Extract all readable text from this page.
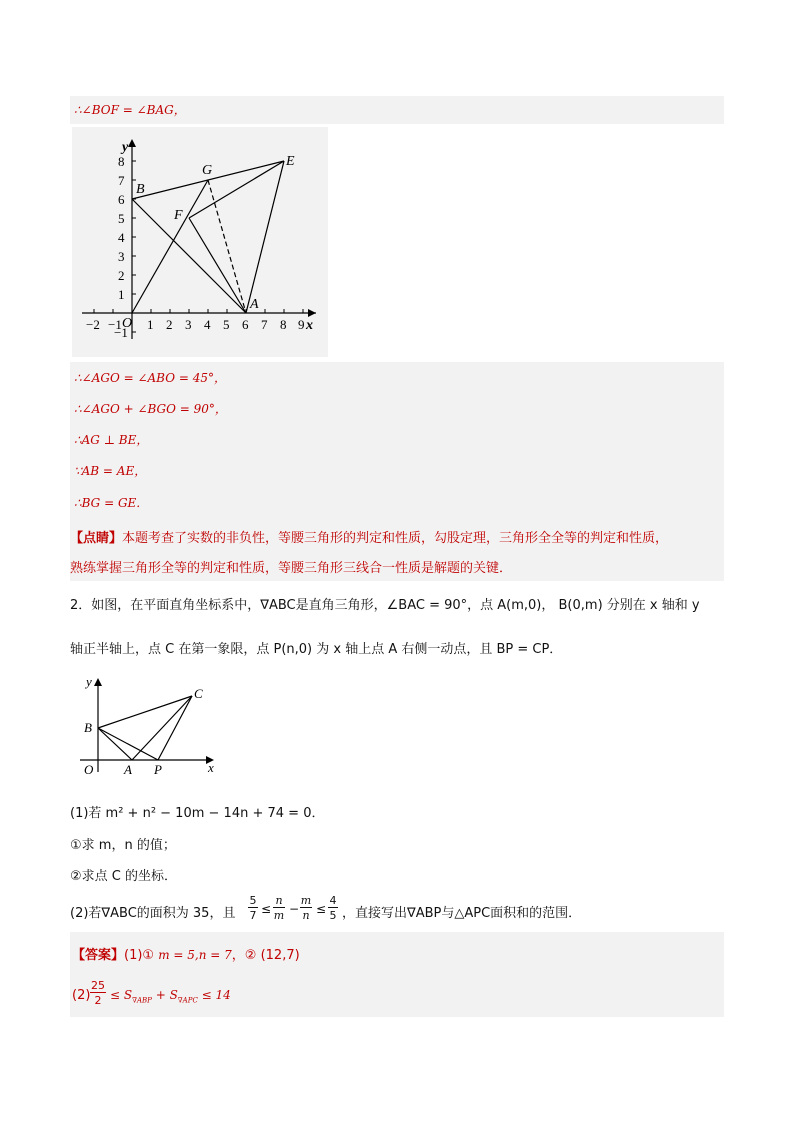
∴∠BOF = ∠BAG，
8
7
6
5
4
3
2
1
−1
−2 −1 O 1 2 3 4 5 6 7 8 9 x
y
B
G
E
F
A
∴∠AGO = ∠ABO = 45°，
∴∠AGO + ∠BGO = 90°，
∴AG ⊥ BE，
∵AB = AE，
∴BG = GE．
【点睛】本题考查了实数的非负性，等腰三角形的判定和性质，勾股定理，三角形全全等的判定和性质，
熟练掌握三角形全等的判定和性质，等腰三角形三线合一性质是解题的关键．
2．如图，在平面直角坐标系中，∇ABC是直角三角形，∠BAC = 90°，点 A(m,0)， B(0,m) 分别在 x 轴和 y
轴正半轴上，点 C 在第一象限，点 P(n,0) 为 x 轴上点 A 右侧一动点，且 BP = CP．
y
x
C
B
O A P
(1)若 m² + n² − 10m − 14n + 74 = 0．
①求 m，n 的值；
②求点 C 的坐标．
(2)若∇ABC的面积为 35，且
5
7 ≤
n
m −
m
n ≤
4
5 ，直接写出∇ABP与△APC面积和的范围．
【答案】(1)① m = 5,n = 7，② (12,7)
(2)
25
$2 \le S_{\nabla ABP} + S_{\nabla APC} \le 14$
